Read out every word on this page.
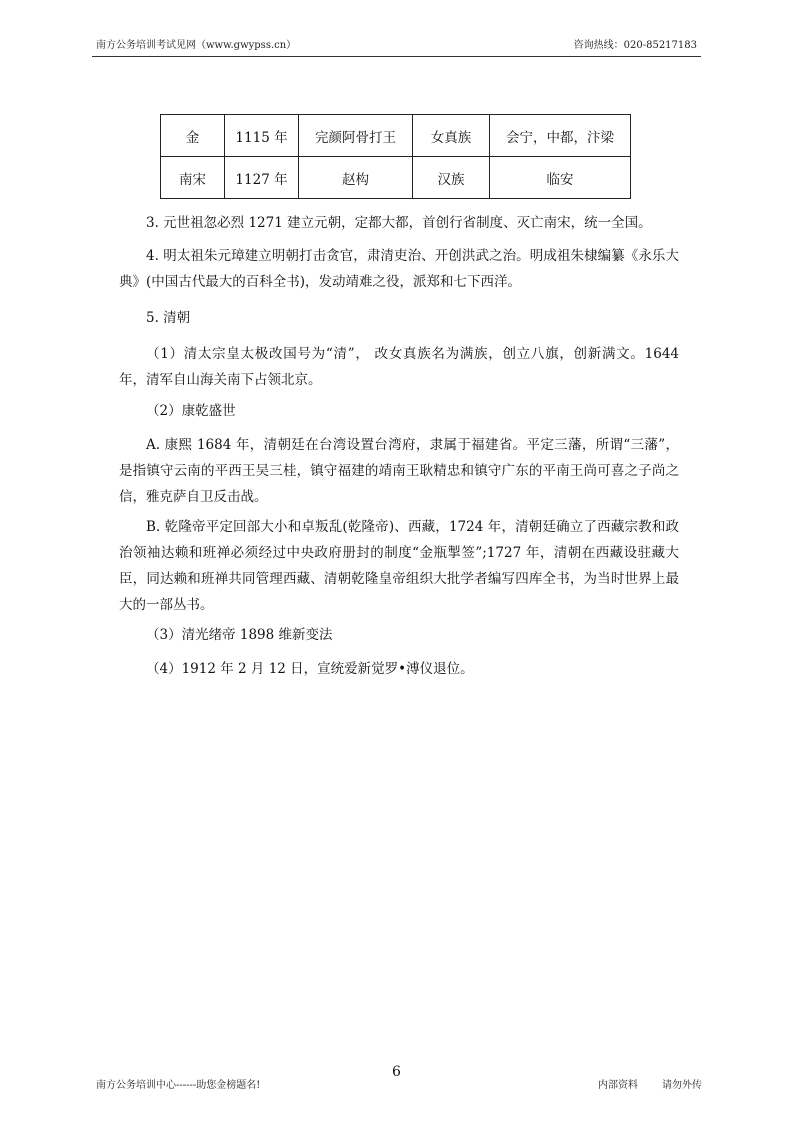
南方公务培训考试见网（www.gwypss.cn）	咨询热线：020-85217183
金	1115 年	完颜阿骨打王	女真族	会宁，中都，汴梁
南宋	1127 年	赵构	汉族	临安

3. 元世祖忽必烈 1271 建立元朝，定都大都，首创行省制度、灭亡南宋，统一全国。

4. 明太祖朱元璋建立明朝打击贪官，肃清吏治、开创洪武之治。明成祖朱棣编纂《永乐大典》(中国古代最大的百科全书)，发动靖难之役，派郑和七下西洋。

5. 清朝

（1）清太宗皇太极改国号为“清”， 改女真族名为满族，创立八旗，创新满文。1644 年，清军自山海关南下占领北京。

（2）康乾盛世

A. 康熙 1684 年，清朝廷在台湾设置台湾府，隶属于福建省。平定三藩，所谓“三藩”，是指镇守云南的平西王吴三桂，镇守福建的靖南王耿精忠和镇守广东的平南王尚可喜之子尚之信，雅克萨自卫反击战。

B. 乾隆帝平定回部大小和卓叛乱(乾隆帝)、西藏，1724 年，清朝廷确立了西藏宗教和政治领袖达赖和班禅必须经过中央政府册封的制度“金瓶掣签”;1727 年，清朝在西藏设驻藏大臣，同达赖和班禅共同管理西藏、清朝乾隆皇帝组织大批学者编写四库全书，为当时世界上最大的一部丛书。

（3）清光绪帝 1898 维新变法

（4）1912 年 2 月 12 日，宣统爱新觉罗•溥仪退位。

6
南方公务培训中心------助您金榜题名!	内部资料 请勿外传
